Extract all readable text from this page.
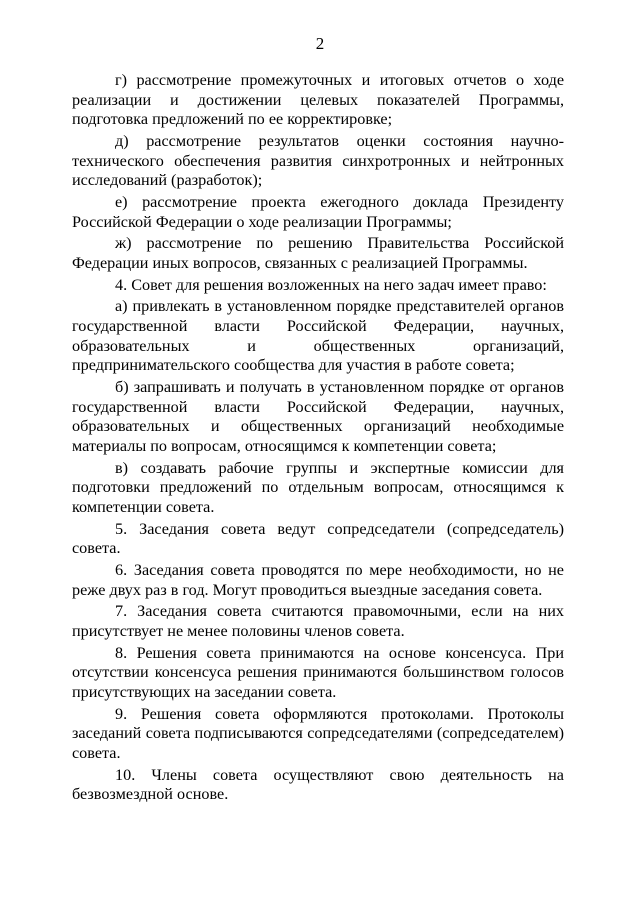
2

г) рассмотрение промежуточных и итоговых отчетов о ходе реализации и достижении целевых показателей Программы, подготовка предложений по ее корректировке;

д) рассмотрение результатов оценки состояния научно-технического обеспечения развития синхротронных и нейтронных исследований (разработок);

е) рассмотрение проекта ежегодного доклада Президенту Российской Федерации о ходе реализации Программы;

ж) рассмотрение по решению Правительства Российской Федерации иных вопросов, связанных с реализацией Программы.

4. Совет для решения возложенных на него задач имеет право:

а) привлекать в установленном порядке представителей органов государственной власти Российской Федерации, научных, образовательных и общественных организаций, предпринимательского сообщества для участия в работе совета;

б) запрашивать и получать в установленном порядке от органов государственной власти Российской Федерации, научных, образовательных и общественных организаций необходимые материалы по вопросам, относящимся к компетенции совета;

в) создавать рабочие группы и экспертные комиссии для подготовки предложений по отдельным вопросам, относящимся к компетенции совета.

5. Заседания совета ведут сопредседатели (сопредседатель) совета.

6. Заседания совета проводятся по мере необходимости, но не реже двух раз в год. Могут проводиться выездные заседания совета.

7. Заседания совета считаются правомочными, если на них присутствует не менее половины членов совета.

8. Решения совета принимаются на основе консенсуса. При отсутствии консенсуса решения принимаются большинством голосов присутствующих на заседании совета.

9. Решения совета оформляются протоколами. Протоколы заседаний совета подписываются сопредседателями (сопредседателем) совета.

10. Члены совета осуществляют свою деятельность на безвозмездной основе.
